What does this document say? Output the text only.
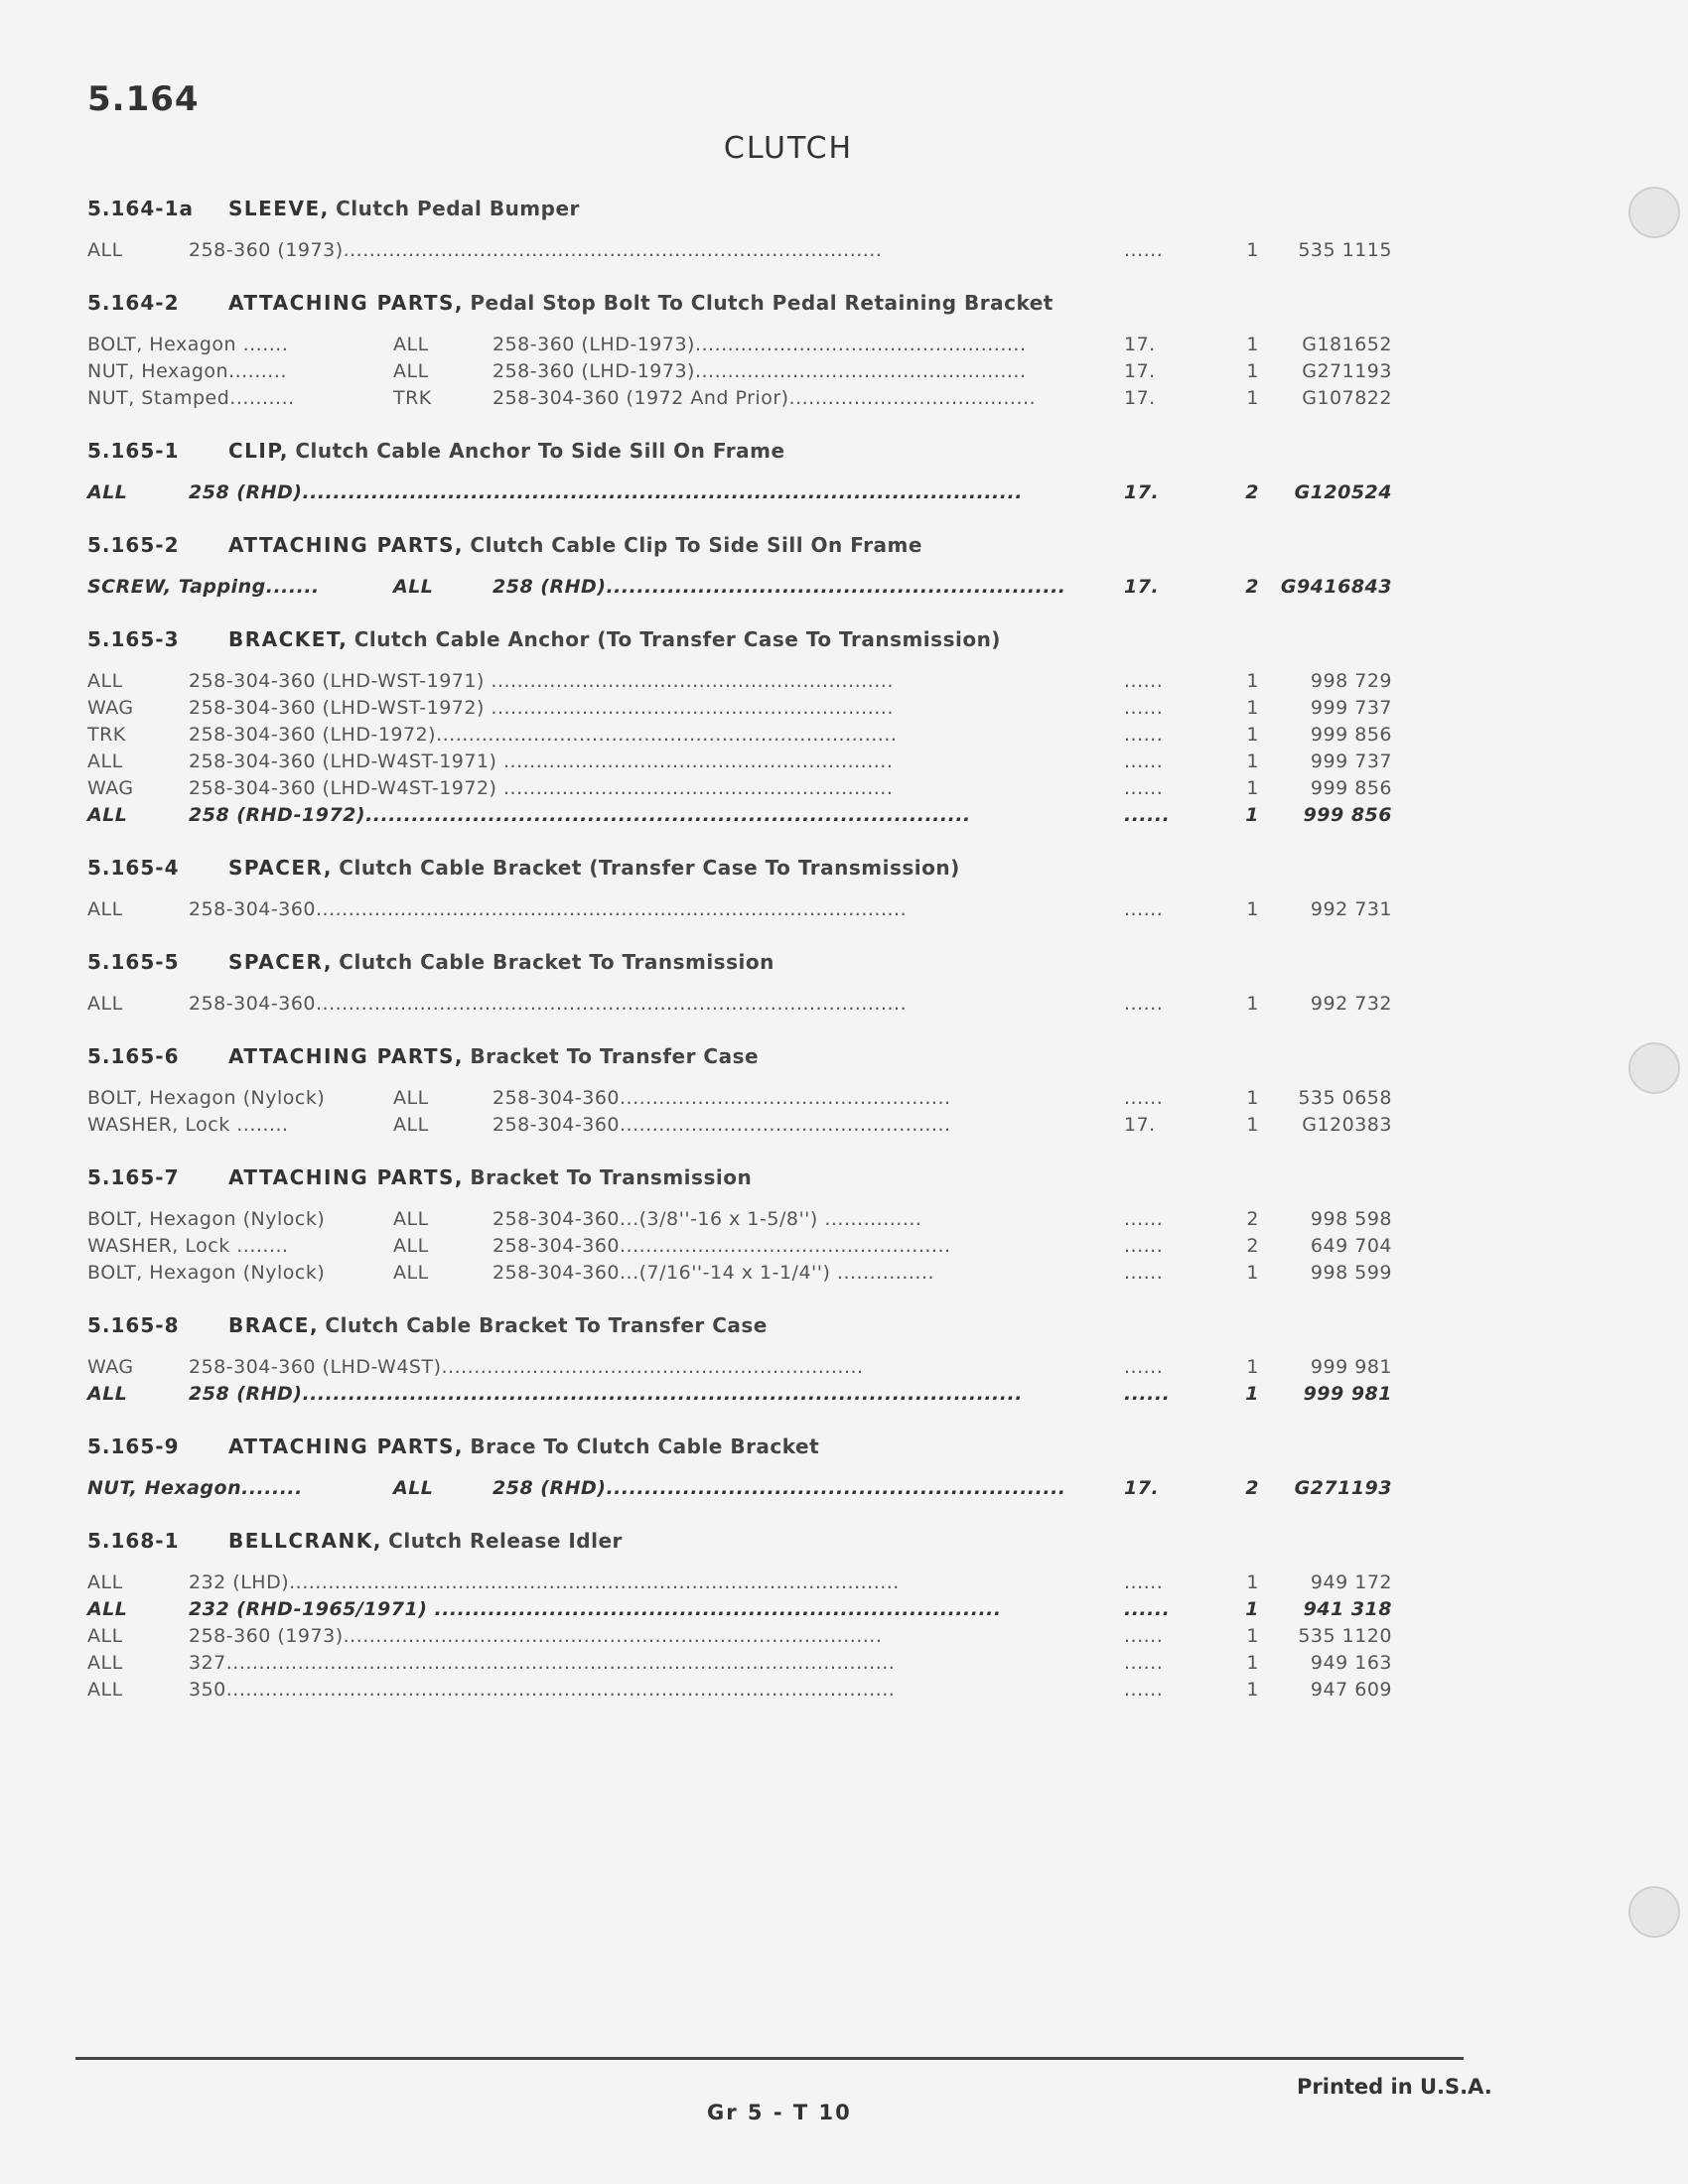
5.164
CLUTCH
5.164-1a SLEEVE, Clutch Pedal Bumper
ALL	258-360 (1973)...................................................................................	......	1	535 1115
5.164-2 ATTACHING PARTS, Pedal Stop Bolt To Clutch Pedal Retaining Bracket
BOLT, Hexagon .......	ALL	258-360 (LHD-1973)...................................................	17.	1	G181652
NUT, Hexagon.........	ALL	258-360 (LHD-1973)...................................................	17.	1	G271193
NUT, Stamped..........	TRK	258-304-360 (1972 And Prior)......................................	17.	1	G107822
5.165-1 CLIP, Clutch Cable Anchor To Side Sill On Frame
ALL	258 (RHD)..............................................................................................	17.	2	G120524
5.165-2 ATTACHING PARTS, Clutch Cable Clip To Side Sill On Frame
SCREW, Tapping.......	ALL	258 (RHD)............................................................	17.	2	G9416843
5.165-3 BRACKET, Clutch Cable Anchor (To Transfer Case To Transmission)
ALL	258-304-360 (LHD-WST-1971) ..............................................................	......	1	998 729
WAG	258-304-360 (LHD-WST-1972) ..............................................................	......	1	999 737
TRK	258-304-360 (LHD-1972).......................................................................	......	1	999 856
ALL	258-304-360 (LHD-W4ST-1971) ............................................................	......	1	999 737
WAG	258-304-360 (LHD-W4ST-1972) ............................................................	......	1	999 856
ALL	258 (RHD-1972)...............................................................................	......	1	999 856
5.165-4 SPACER, Clutch Cable Bracket (Transfer Case To Transmission)
ALL	258-304-360...........................................................................................	......	1	992 731
5.165-5 SPACER, Clutch Cable Bracket To Transmission
ALL	258-304-360...........................................................................................	......	1	992 732
5.165-6 ATTACHING PARTS, Bracket To Transfer Case
BOLT, Hexagon (Nylock)	ALL	258-304-360...................................................	......	1	535 0658
WASHER, Lock ........	ALL	258-304-360...................................................	17.	1	G120383
5.165-7 ATTACHING PARTS, Bracket To Transmission
BOLT, Hexagon (Nylock)	ALL	258-304-360...(3/8''-16 x 1-5/8'') ...............	......	2	998 598
WASHER, Lock ........	ALL	258-304-360...................................................	......	2	649 704
BOLT, Hexagon (Nylock)	ALL	258-304-360...(7/16''-14 x 1-1/4'') ...............	......	1	998 599
5.165-8 BRACE, Clutch Cable Bracket To Transfer Case
WAG	258-304-360 (LHD-W4ST).................................................................	......	1	999 981
ALL	258 (RHD)..............................................................................................	......	1	999 981
5.165-9 ATTACHING PARTS, Brace To Clutch Cable Bracket
NUT, Hexagon........	ALL	258 (RHD)............................................................	17.	2	G271193
5.168-1 BELLCRANK, Clutch Release Idler
ALL	232 (LHD)..............................................................................................	......	1	949 172
ALL	232 (RHD-1965/1971) ..........................................................................	......	1	941 318
ALL	258-360 (1973)...................................................................................	......	1	535 1120
ALL	327.......................................................................................................	......	1	949 163
ALL	350.......................................................................................................	......	1	947 609
Printed in U.S.A.
Gr 5 - T 10
